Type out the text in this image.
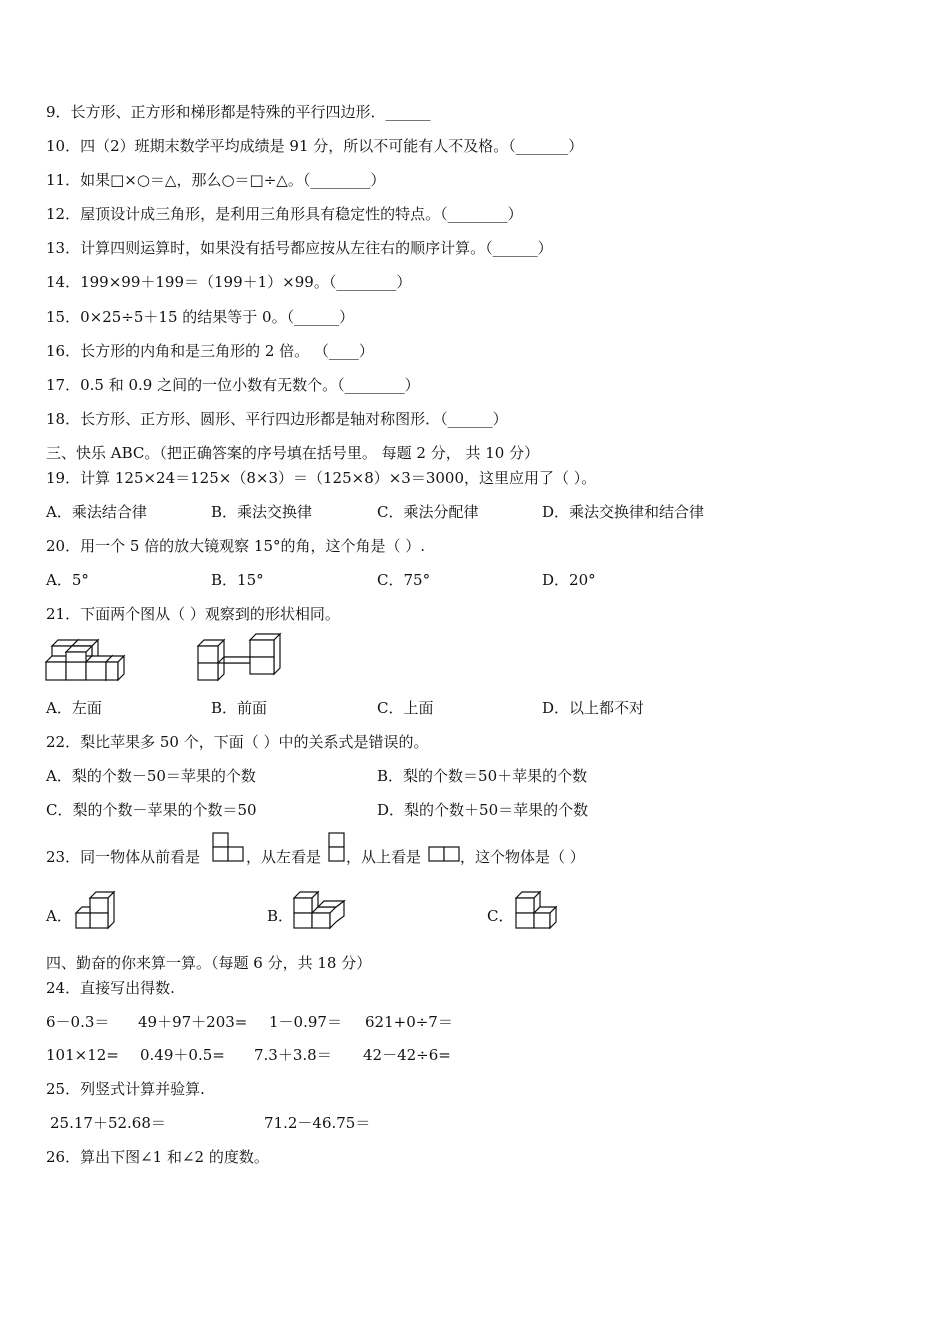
9．长方形、正方形和梯形都是特殊的平行四边形．______
10．四（2）班期末数学平均成绩是 91 分，所以不可能有人不及格。（_______）
11．如果□×○＝△，那么○＝□÷△。（________）
12．屋顶设计成三角形，是利用三角形具有稳定性的特点。（________）
13．计算四则运算时，如果没有括号都应按从左往右的顺序计算。（______）
14．199×99＋199＝（199＋1）×99。（________）
15．0×25÷5＋15 的结果等于 0。（______）
16．长方形的内角和是三角形的 2 倍。 （____）
17．0.5 和 0.9 之间的一位小数有无数个。（________）
18．长方形、正方形、圆形、平行四边形都是轴对称图形．（______）
三、快乐 ABC。（把正确答案的序号填在括号里。 每题 2 分， 共 10 分）
19．计算 125×24＝125×（8×3）＝（125×8）×3＝3000，这里应用了（ ）。
A．乘法结合律	B．乘法交换律	C．乘法分配律	D．乘法交换律和结合律
20．用一个 5 倍的放大镜观察 15°的角，这个角是（ ）.
A．5°	B．15°	C．75°	D．20°
21．下面两个图从（ ）观察到的形状相同。
A．左面	B．前面	C．上面	D．以上都不对
22．梨比苹果多 50 个，下面（ ）中的关系式是错误的。
A．梨的个数－50＝苹果的个数	B．梨的个数＝50＋苹果的个数
C．梨的个数－苹果的个数＝50	D．梨的个数＋50＝苹果的个数
23．同一物体从前看是	，从左看是 ，从上看是	，这个物体是（ ）
A．	B．	C．
四、勤奋的你来算一算。（每题 6 分，共 18 分）
24．直接写出得数.
6－0.3＝ 49＋97＋203= 1－0.97＝ 621+0÷7＝
101×12= 0.49＋0.5= 7.3＋3.8＝ 42－42÷6=
25．列竖式计算并验算.
25.17＋52.68＝	71.2－46.75＝
26．算出下图∠1 和∠2 的度数。
